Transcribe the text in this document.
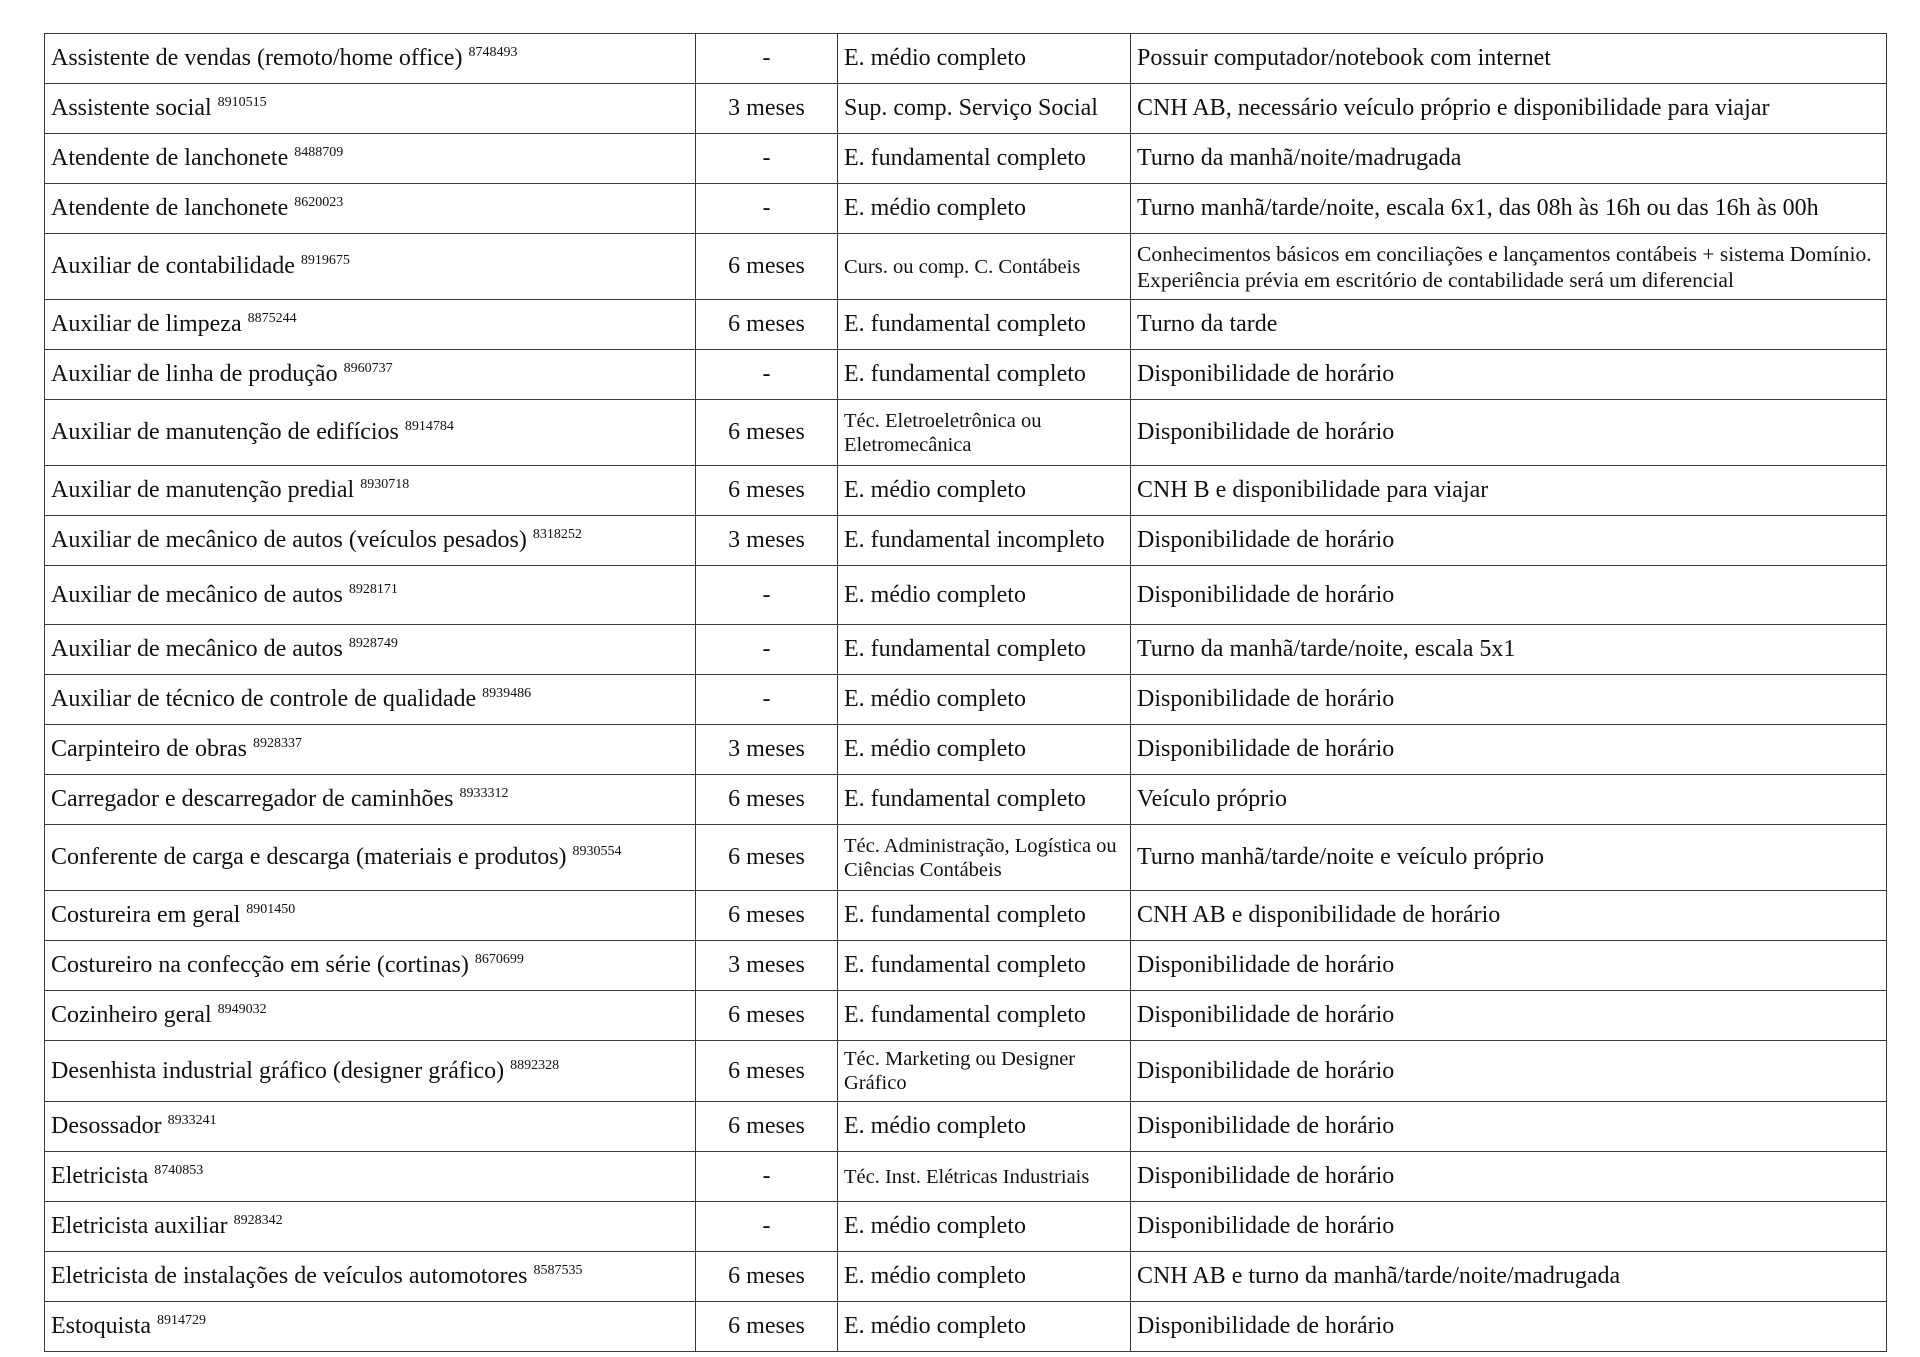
Assistente de vendas (remoto/home office) $^{8748493}$	-	E. médio completo	Possuir computador/notebook com internet
Assistente social $^{8910515}$	3 meses	Sup. comp. Serviço Social	CNH AB, necessário veículo próprio e disponibilidade para viajar
Atendente de lanchonete $^{8488709}$	-	E. fundamental completo	Turno da manhã/noite/madrugada
Atendente de lanchonete $^{8620023}$	-	E. médio completo	Turno manhã/tarde/noite, escala 6x1, das 08h às 16h ou das 16h às 00h
Auxiliar de contabilidade $^{8919675}$	6 meses	Curs. ou comp. C. Contábeis	Conhecimentos básicos em conciliações e lançamentos contábeis + sistema Domínio. Experiência prévia em escritório de contabilidade será um diferencial
Auxiliar de limpeza $^{8875244}$	6 meses	E. fundamental completo	Turno da tarde
Auxiliar de linha de produção $^{8960737}$	-	E. fundamental completo	Disponibilidade de horário
Auxiliar de manutenção de edifícios $^{8914784}$	6 meses	Téc. Eletroeletrônica ou Eletromecânica	Disponibilidade de horário
Auxiliar de manutenção predial $^{8930718}$	6 meses	E. médio completo	CNH B e disponibilidade para viajar
Auxiliar de mecânico de autos (veículos pesados) $^{8318252}$	3 meses	E. fundamental incompleto	Disponibilidade de horário
Auxiliar de mecânico de autos $^{8928171}$	-	E. médio completo	Disponibilidade de horário
Auxiliar de mecânico de autos $^{8928749}$	-	E. fundamental completo	Turno da manhã/tarde/noite, escala 5x1
Auxiliar de técnico de controle de qualidade $^{8939486}$	-	E. médio completo	Disponibilidade de horário
Carpinteiro de obras $^{8928337}$	3 meses	E. médio completo	Disponibilidade de horário
Carregador e descarregador de caminhões $^{8933312}$	6 meses	E. fundamental completo	Veículo próprio
Conferente de carga e descarga (materiais e produtos) $^{8930554}$	6 meses	Téc. Administração, Logística ou Ciências Contábeis	Turno manhã/tarde/noite e veículo próprio
Costureira em geral $^{8901450}$	6 meses	E. fundamental completo	CNH AB e disponibilidade de horário
Costureiro na confecção em série (cortinas) $^{8670699}$	3 meses	E. fundamental completo	Disponibilidade de horário
Cozinheiro geral $^{8949032}$	6 meses	E. fundamental completo	Disponibilidade de horário
Desenhista industrial gráfico (designer gráfico) $^{8892328}$	6 meses	Téc. Marketing ou Designer Gráfico	Disponibilidade de horário
Desossador $^{8933241}$	6 meses	E. médio completo	Disponibilidade de horário
Eletricista $^{8740853}$	-	Téc. Inst. Elétricas Industriais	Disponibilidade de horário
Eletricista auxiliar $^{8928342}$	-	E. médio completo	Disponibilidade de horário
Eletricista de instalações de veículos automotores $^{8587535}$	6 meses	E. médio completo	CNH AB e turno da manhã/tarde/noite/madrugada
Estoquista $^{8914729}$	6 meses	E. médio completo	Disponibilidade de horário
